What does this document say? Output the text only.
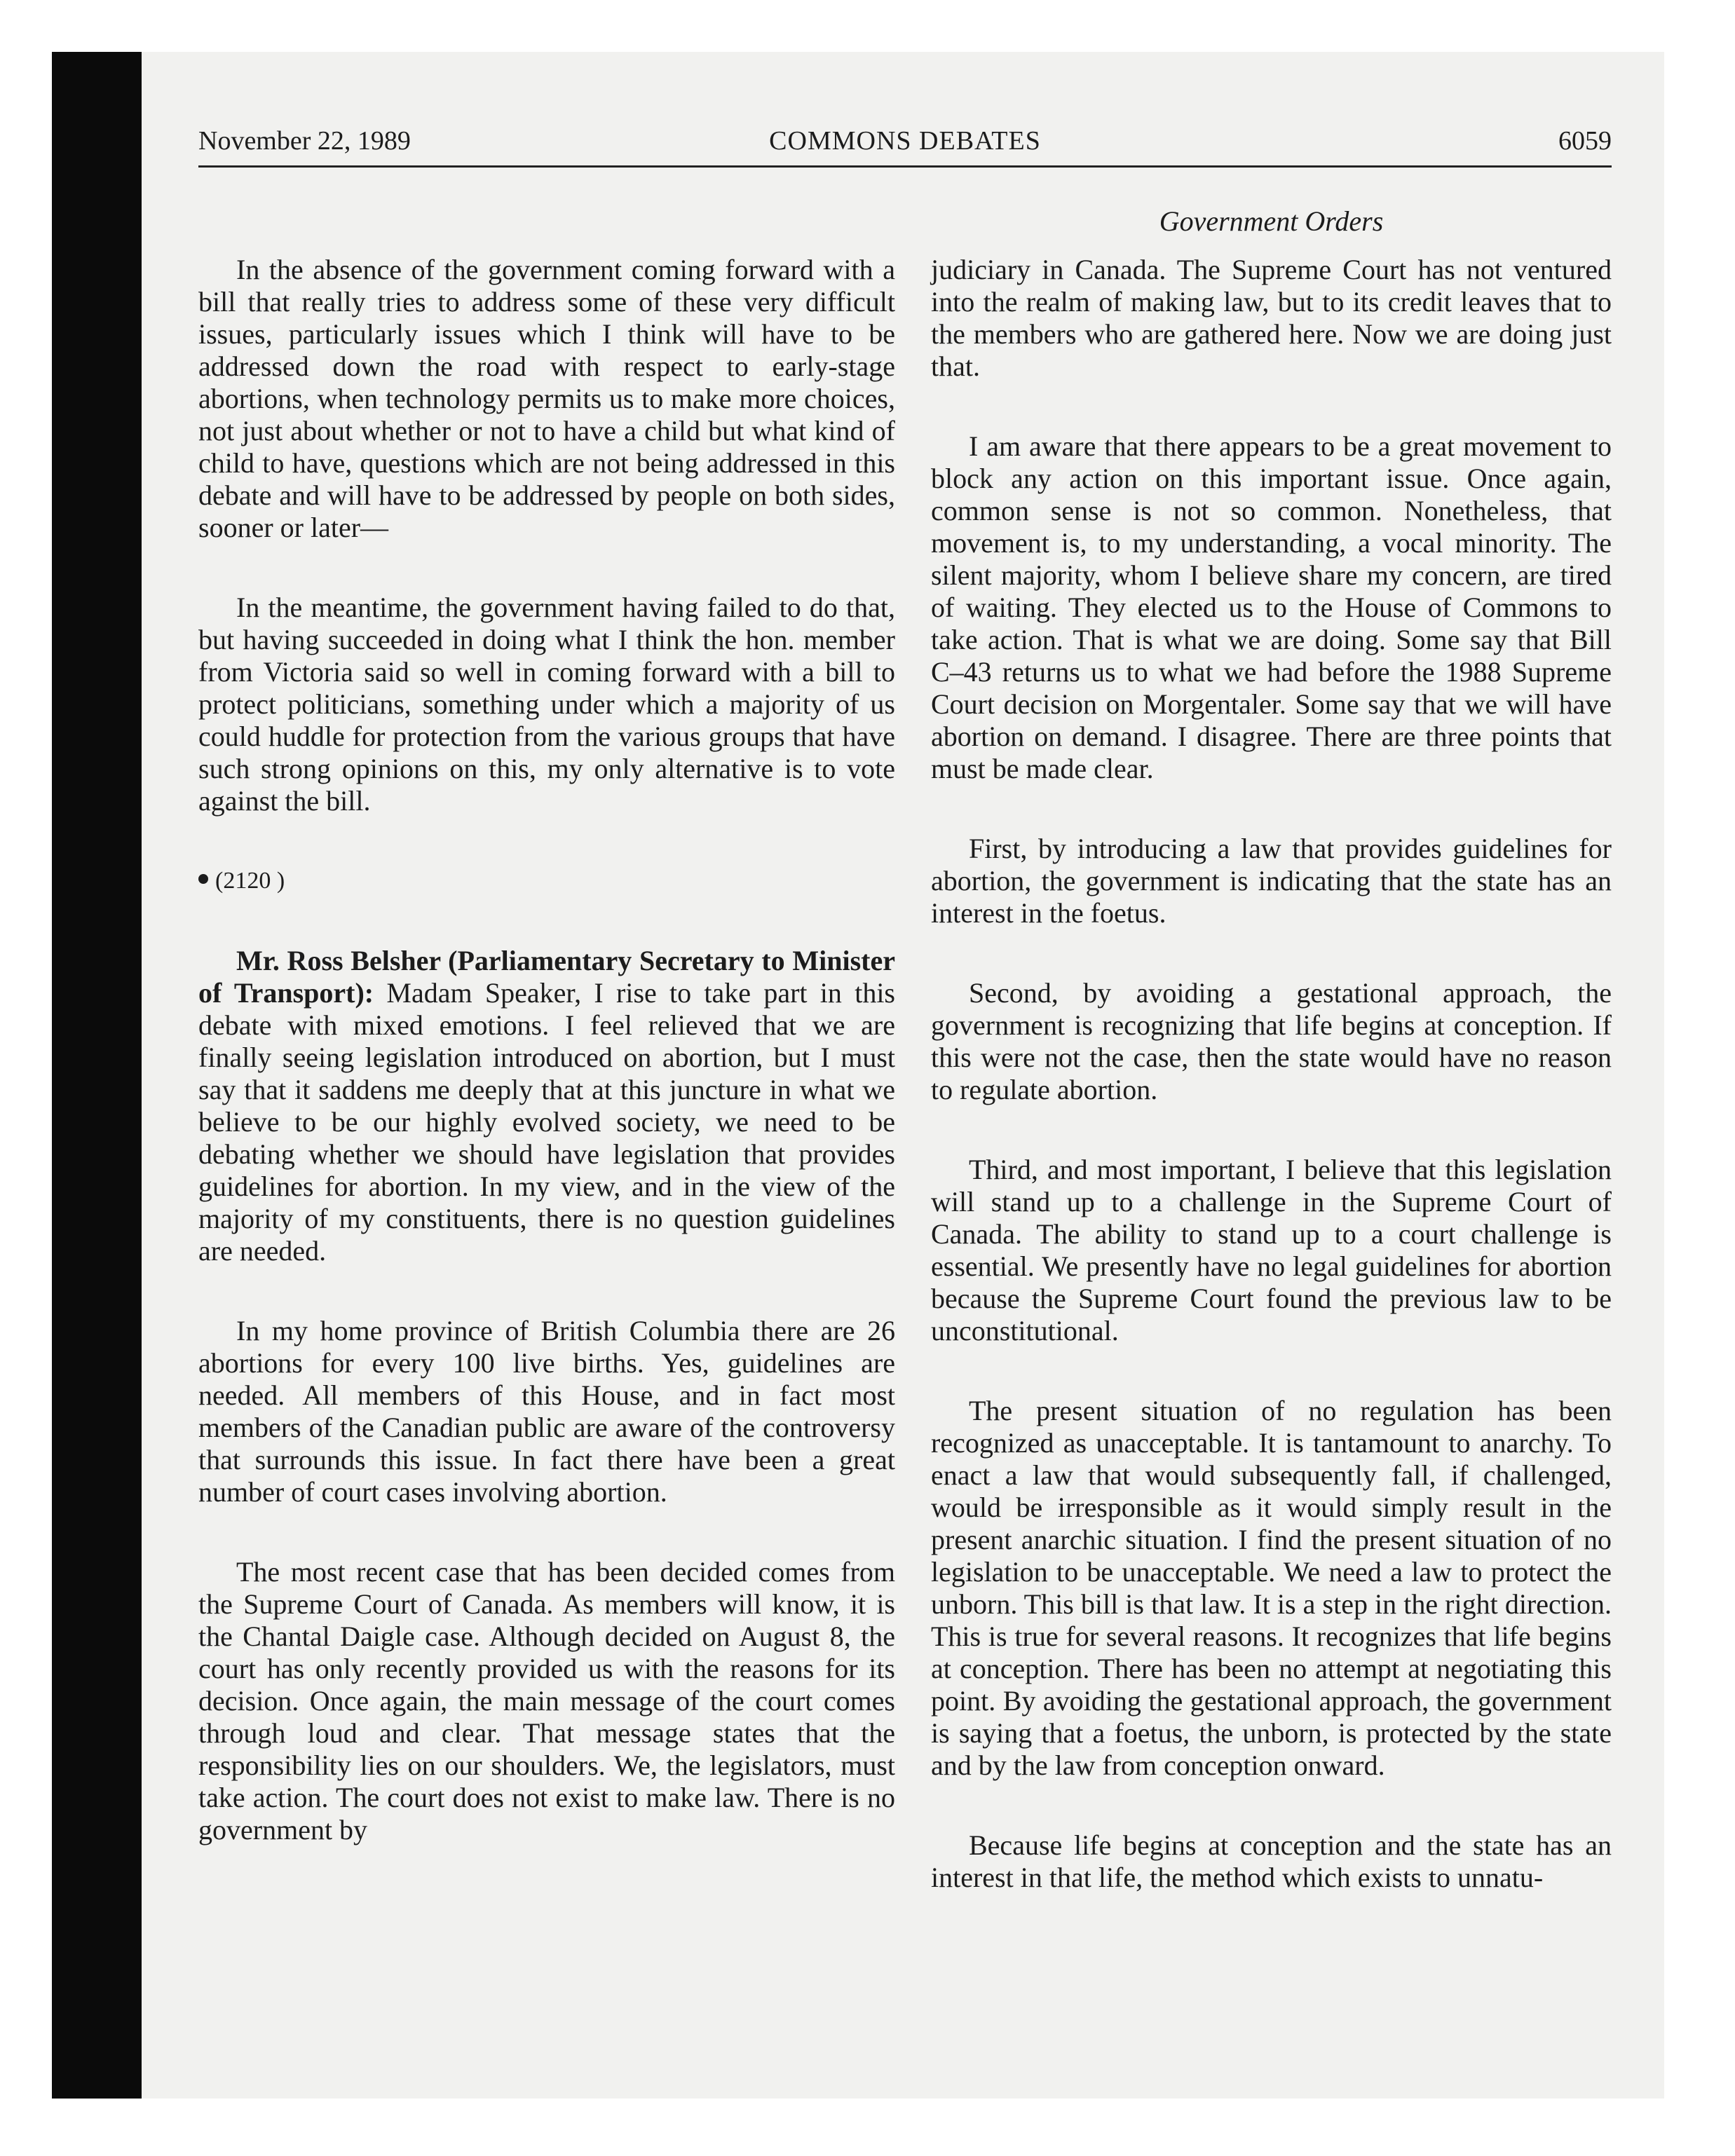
November 22, 1989	COMMONS DEBATES	6059
Government Orders

In the absence of the government coming forward with a bill that really tries to address some of these very difficult issues, particularly issues which I think will have to be addressed down the road with respect to early-stage abortions, when technology permits us to make more choices, not just about whether or not to have a child but what kind of child to have, questions which are not being addressed in this debate and will have to be addressed by people on both sides, sooner or later—

In the meantime, the government having failed to do that, but having succeeded in doing what I think the hon. member from Victoria said so well in coming forward with a bill to protect politicians, something under which a majority of us could huddle for protection from the various groups that have such strong opinions on this, my only alternative is to vote against the bill.

(2120 )

Mr. Ross Belsher (Parliamentary Secretary to Minister of Transport): Madam Speaker, I rise to take part in this debate with mixed emotions. I feel relieved that we are finally seeing legislation introduced on abortion, but I must say that it saddens me deeply that at this juncture in what we believe to be our highly evolved society, we need to be debating whether we should have legislation that provides guidelines for abortion. In my view, and in the view of the majority of my constituents, there is no question guidelines are needed.

In my home province of British Columbia there are 26 abortions for every 100 live births. Yes, guidelines are needed. All members of this House, and in fact most members of the Canadian public are aware of the controversy that surrounds this issue. In fact there have been a great number of court cases involving abortion.

The most recent case that has been decided comes from the Supreme Court of Canada. As members will know, it is the Chantal Daigle case. Although decided on August 8, the court has only recently provided us with the reasons for its decision. Once again, the main message of the court comes through loud and clear. That message states that the responsibility lies on our shoulders. We, the legislators, must take action. The court does not exist to make law. There is no government by

judiciary in Canada. The Supreme Court has not ventured into the realm of making law, but to its credit leaves that to the members who are gathered here. Now we are doing just that.

I am aware that there appears to be a great movement to block any action on this important issue. Once again, common sense is not so common. Nonetheless, that movement is, to my understanding, a vocal minority. The silent majority, whom I believe share my concern, are tired of waiting. They elected us to the House of Commons to take action. That is what we are doing. Some say that Bill C–43 returns us to what we had before the 1988 Supreme Court decision on Morgentaler. Some say that we will have abortion on demand. I disagree. There are three points that must be made clear.

First, by introducing a law that provides guidelines for abortion, the government is indicating that the state has an interest in the foetus.

Second, by avoiding a gestational approach, the government is recognizing that life begins at conception. If this were not the case, then the state would have no reason to regulate abortion.

Third, and most important, I believe that this legislation will stand up to a challenge in the Supreme Court of Canada. The ability to stand up to a court challenge is essential. We presently have no legal guidelines for abortion because the Supreme Court found the previous law to be unconstitutional.

The present situation of no regulation has been recognized as unacceptable. It is tantamount to anarchy. To enact a law that would subsequently fall, if challenged, would be irresponsible as it would simply result in the present anarchic situation. I find the present situation of no legislation to be unacceptable. We need a law to protect the unborn. This bill is that law. It is a step in the right direction. This is true for several reasons. It recognizes that life begins at conception. There has been no attempt at negotiating this point. By avoiding the gestational approach, the government is saying that a foetus, the unborn, is protected by the state and by the law from conception onward.

Because life begins at conception and the state has an interest in that life, the method which exists to unnatu-
